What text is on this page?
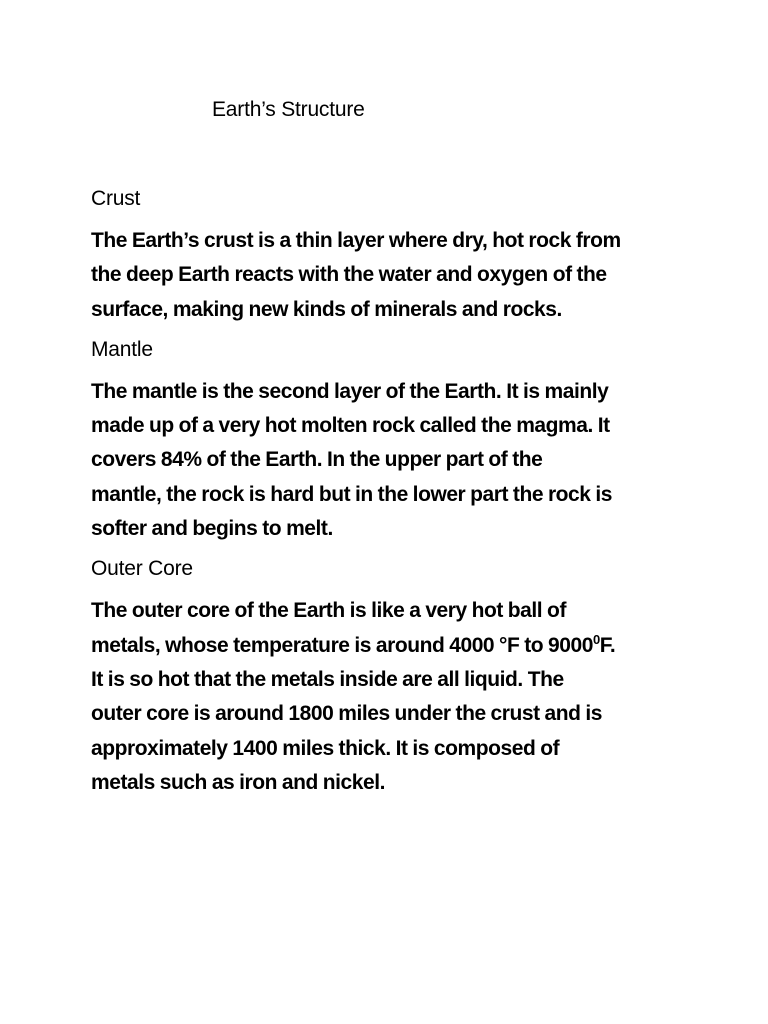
Earth’s Structure
Crust

The Earth’s crust is a thin layer where dry, hot rock from
the deep Earth reacts with the water and oxygen of the
surface, making new kinds of minerals and rocks.

Mantle

The mantle is the second layer of the Earth. It is mainly
made up of a very hot molten rock called the magma. It
covers 84% of the Earth. In the upper part of the
mantle, the rock is hard but in the lower part the rock is
softer and begins to melt.

Outer Core

The outer core of the Earth is like a very hot ball of
metals, whose temperature is around 4000 °F to 9000$^0$F.
It is so hot that the metals inside are all liquid. The
outer core is around 1800 miles under the crust and is
approximately 1400 miles thick. It is composed of
metals such as iron and nickel.
